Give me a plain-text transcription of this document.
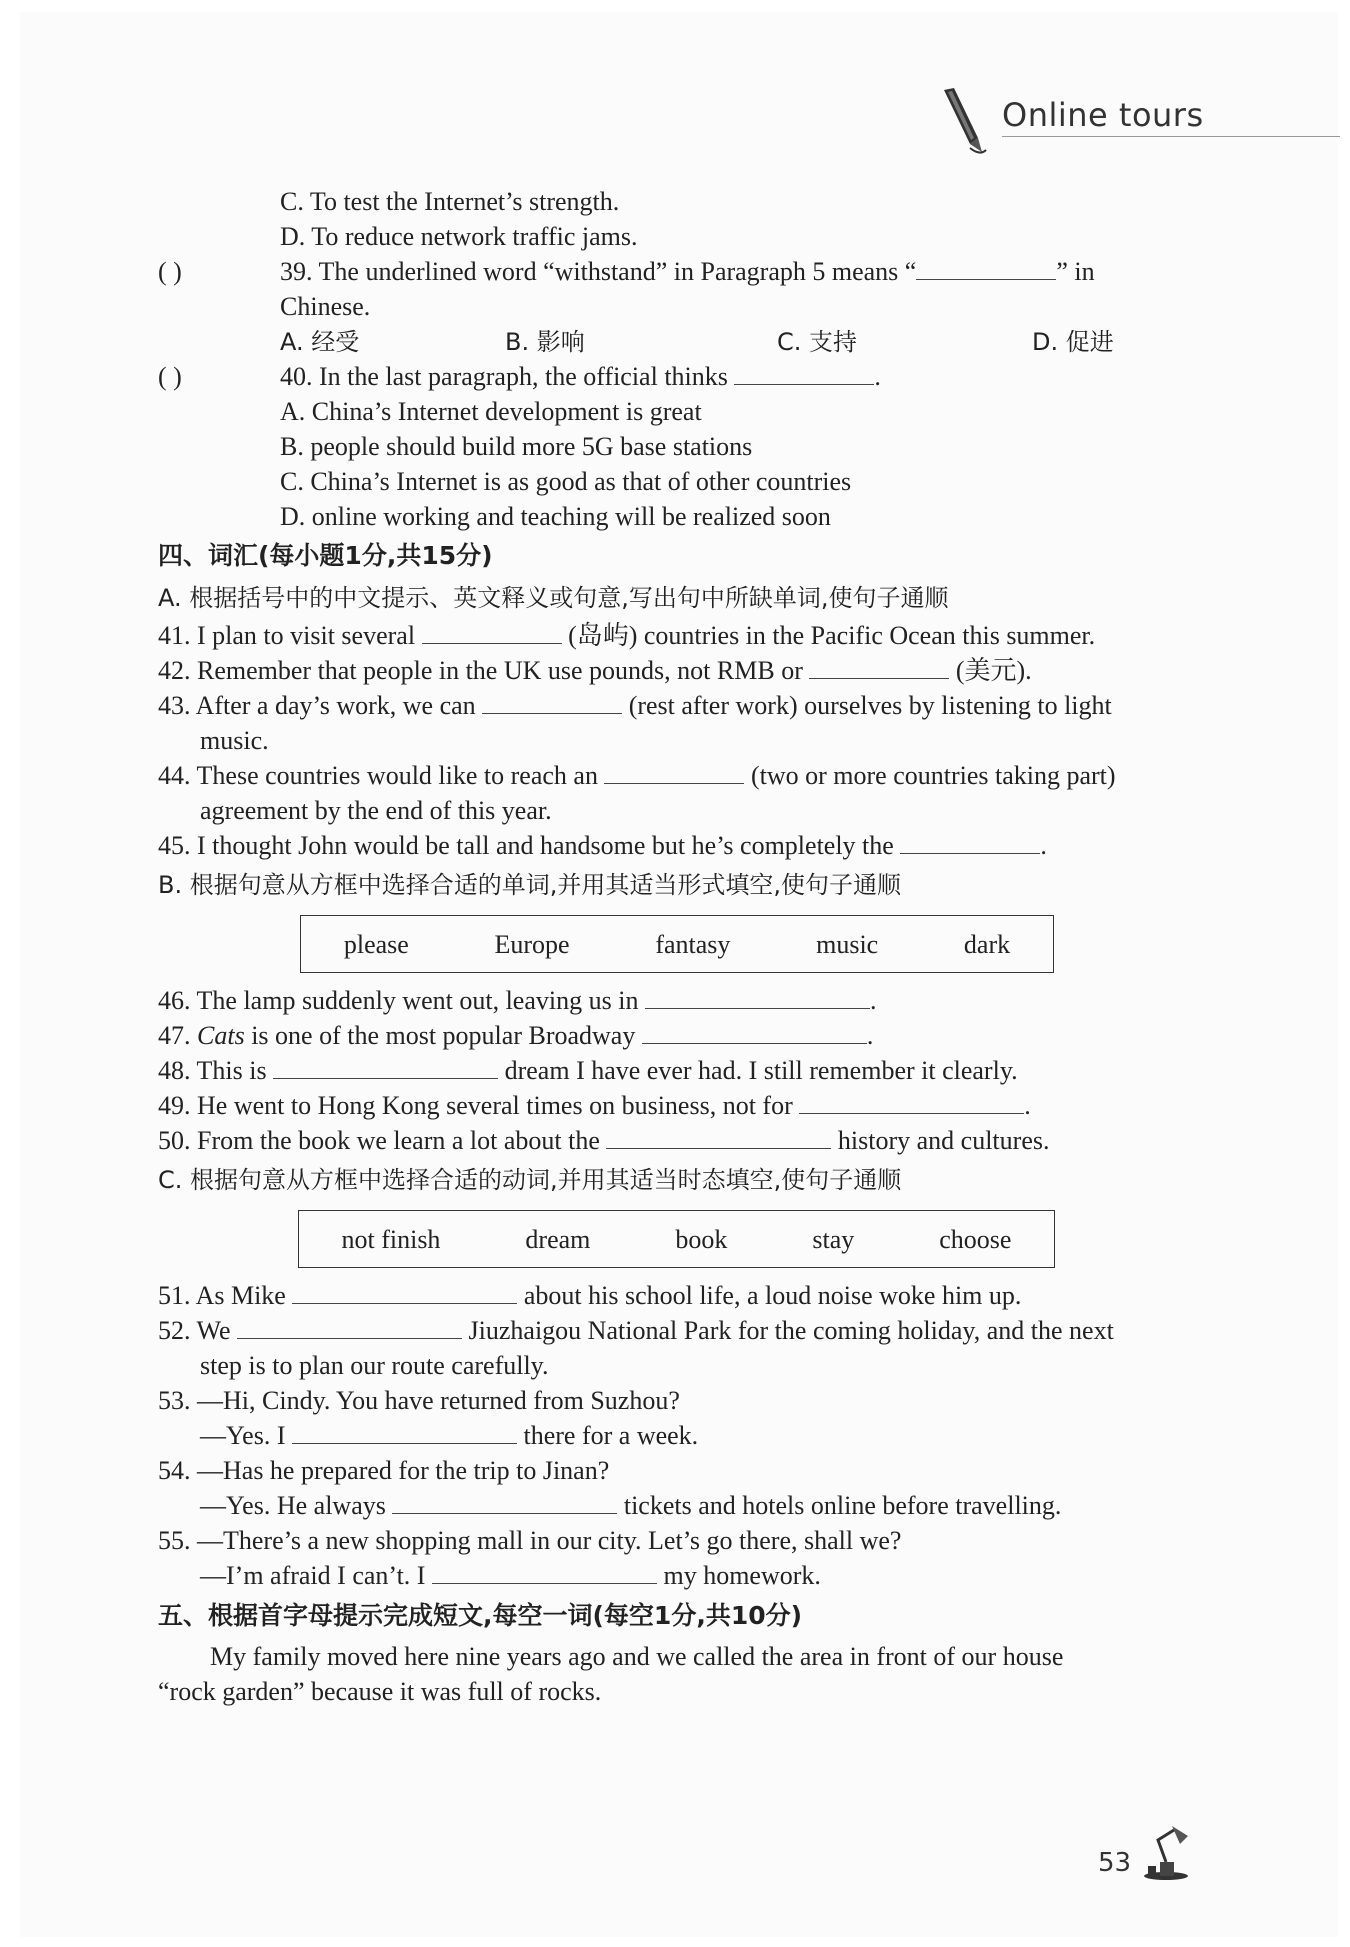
Online tours
C. To test the Internet’s strength.
D. To reduce network traffic jams.
( )	39. The underlined word “withstand” in Paragraph 5 means “	” in
Chinese.
A. 经受	B. 影响	C. 支持	D. 促进
( )	40. In the last paragraph, the official thinks	.
A. China’s Internet development is great
B. people should build more 5G base stations
C. China’s Internet is as good as that of other countries
D. online working and teaching will be realized soon
四、词汇(每小题1分,共15分)
A. 根据括号中的中文提示、英文释义或句意,写出句中所缺单词,使句子通顺
41. I plan to visit several	(岛屿) countries in the Pacific Ocean this summer.
42. Remember that people in the UK use pounds, not RMB or	(美元).
43. After a day’s work, we can	(rest after work) ourselves by listening to light
music.
44. These countries would like to reach an	(two or more countries taking part)
agreement by the end of this year.
45. I thought John would be tall and handsome but he’s completely the	.
B. 根据句意从方框中选择合适的单词,并用其适当形式填空,使句子通顺
please	Europe	fantasy	music	dark
46. The lamp suddenly went out, leaving us in	.
47. Cats is one of the most popular Broadway	.
48. This is	dream I have ever had. I still remember it clearly.
49. He went to Hong Kong several times on business, not for	.
50. From the book we learn a lot about the	history and cultures.
C. 根据句意从方框中选择合适的动词,并用其适当时态填空,使句子通顺
not finish	dream	book	stay	choose
51. As Mike	about his school life, a loud noise woke him up.
52. We	Jiuzhaigou National Park for the coming holiday, and the next
step is to plan our route carefully.
53. —Hi, Cindy. You have returned from Suzhou?
—Yes. I	there for a week.
54. —Has he prepared for the trip to Jinan?
—Yes. He always	tickets and hotels online before travelling.
55. —There’s a new shopping mall in our city. Let’s go there, shall we?
—I’m afraid I can’t. I	my homework.
五、根据首字母提示完成短文,每空一词(每空1分,共10分)
My family moved here nine years ago and we called the area in front of our house
“rock garden” because it was full of rocks.
53
